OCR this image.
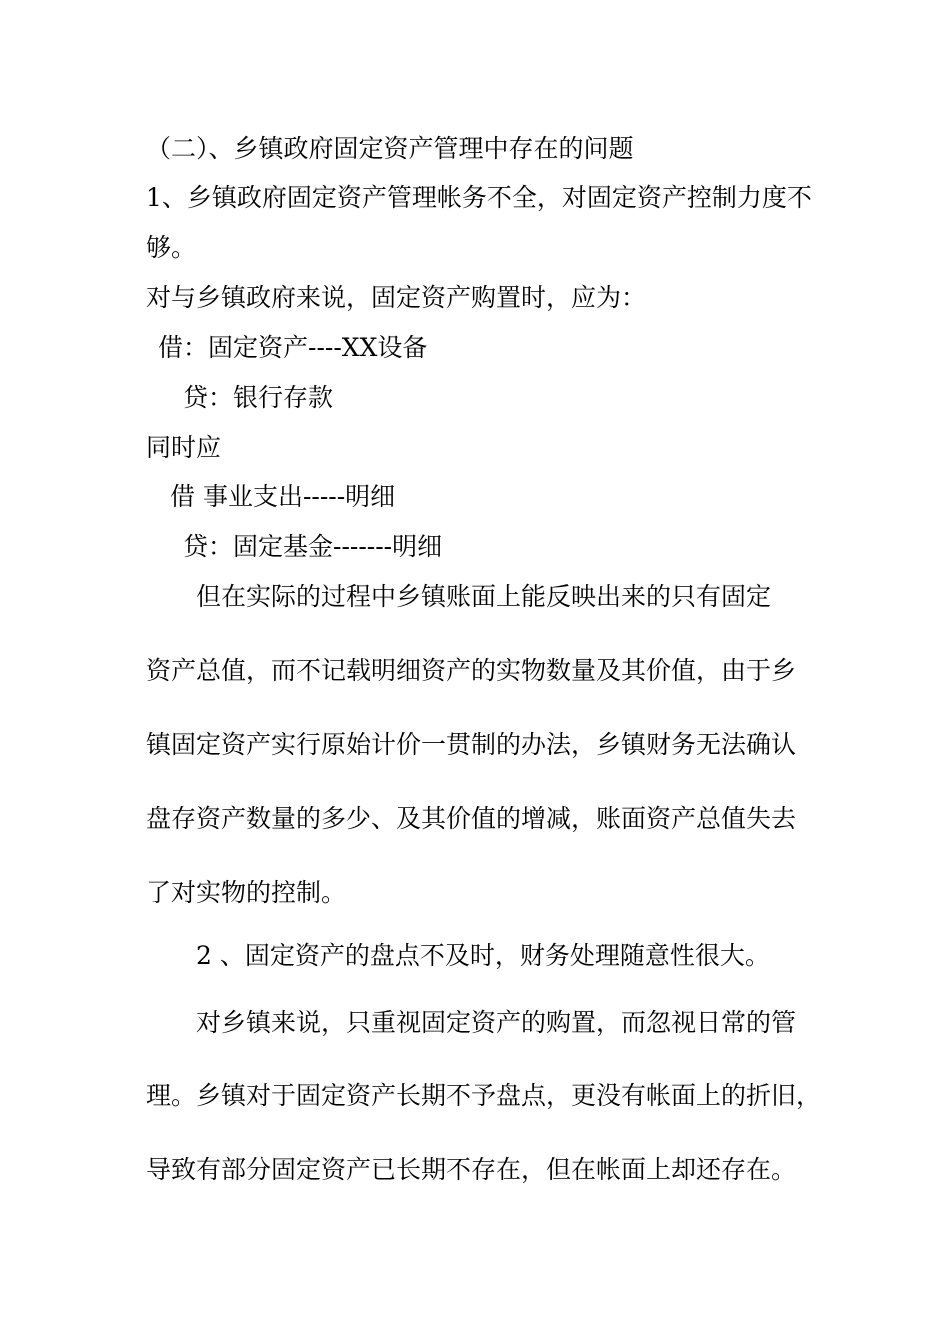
（二）、乡镇政府固定资产管理中存在的问题

1、乡镇政府固定资产管理帐务不全，对固定资产控制力度不

够。

对与乡镇政府来说，固定资产购置时，应为：

借：固定资产----XX设备

贷：银行存款

同时应

借 事业支出-----明细

贷：固定基金-------明细

但在实际的过程中乡镇账面上能反映出来的只有固定

资产总值，而不记载明细资产的实物数量及其价值，由于乡

镇固定资产实行原始计价一贯制的办法，乡镇财务无法确认

盘存资产数量的多少、及其价值的增减，账面资产总值失去

了对实物的控制。

2 、固定资产的盘点不及时，财务处理随意性很大。

对乡镇来说，只重视固定资产的购置，而忽视日常的管

理。乡镇对于固定资产长期不予盘点，更没有帐面上的折旧，

导致有部分固定资产已长期不存在，但在帐面上却还存在。
